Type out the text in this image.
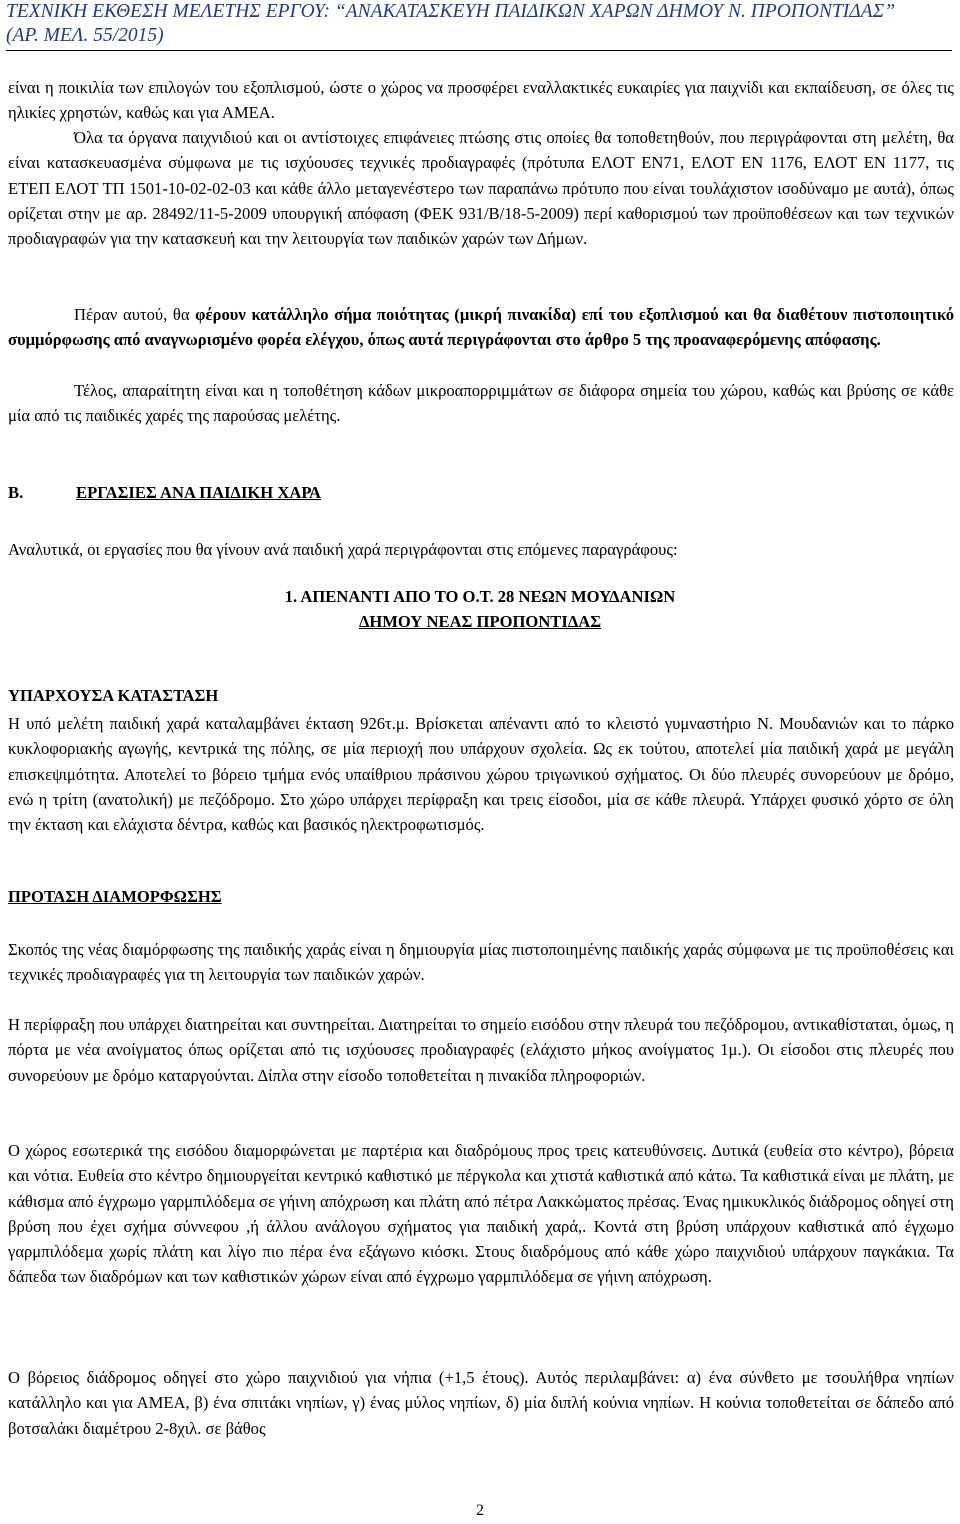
ΤΕΧΝΙΚΗ ΕΚΘΕΣΗ ΜΕΛΕΤΗΣ ΕΡΓΟΥ: “ΑΝΑΚΑΤΑΣΚΕΥΗ ΠΑΙΔΙΚΩΝ ΧΑΡΩΝ ΔΗΜΟΥ Ν. ΠΡΟΠΟΝΤΙΔΑΣ”
(ΑΡ. ΜΕΛ. 55/2015)
είναι η ποικιλία των επιλογών του εξοπλισμού, ώστε ο χώρος να προσφέρει εναλλακτικές ευκαιρίες για παιχνίδι και εκπαίδευση, σε όλες τις ηλικίες χρηστών, καθώς και για ΑΜΕΑ.
Όλα τα όργανα παιχνιδιού και οι αντίστοιχες επιφάνειες πτώσης στις οποίες θα τοποθετηθούν, που περιγράφονται στη μελέτη, θα είναι κατασκευασμένα σύμφωνα με τις ισχύουσες τεχνικές προδιαγραφές (πρότυπα ΕΛΟΤ ΕΝ71, ΕΛΟΤ ΕΝ 1176, ΕΛΟΤ ΕΝ 1177, τις ΕΤΕΠ ΕΛΟΤ ΤΠ 1501-10-02-02-03 και κάθε άλλο μεταγενέστερο των παραπάνω πρότυπο που είναι τουλάχιστον ισοδύναμο με αυτά), όπως ορίζεται στην με αρ. 28492/11-5-2009 υπουργική απόφαση (ΦΕΚ 931/Β/18-5-2009) περί καθορισμού των προϋποθέσεων και των τεχνικών προδιαγραφών για την κατασκευή και την λειτουργία των παιδικών χαρών των Δήμων.
Πέραν αυτού, θα φέρουν κατάλληλο σήμα ποιότητας (μικρή πινακίδα) επί του εξοπλισμού και θα διαθέτουν πιστοποιητικό συμμόρφωσης από αναγνωρισμένο φορέα ελέγχου, όπως αυτά περιγράφονται στο άρθρο 5 της προαναφερόμενης απόφασης.
Τέλος, απαραίτητη είναι και η τοποθέτηση κάδων μικροαπορριμμάτων σε διάφορα σημεία του χώρου, καθώς και βρύσης σε κάθε μία από τις παιδικές χαρές της παρούσας μελέτης.
Β.	ΕΡΓΑΣΙΕΣ ΑΝΑ ΠΑΙΔΙΚΗ ΧΑΡΑ
Αναλυτικά, οι εργασίες που θα γίνουν ανά παιδική χαρά περιγράφονται στις επόμενες παραγράφους:
1. ΑΠΕΝΑΝΤΙ ΑΠΟ ΤΟ Ο.Τ. 28 ΝΕΩΝ ΜΟΥΔΑΝΙΩΝ
ΔΗΜΟΥ ΝΕΑΣ ΠΡΟΠΟΝΤΙΔΑΣ
ΥΠΑΡΧΟΥΣΑ ΚΑΤΑΣΤΑΣΗ
Η υπό μελέτη παιδική χαρά καταλαμβάνει έκταση 926τ.μ. Βρίσκεται απέναντι από το κλειστό γυμναστήριο Ν. Μουδανιών και το πάρκο κυκλοφοριακής αγωγής, κεντρικά της πόλης, σε μία περιοχή που υπάρχουν σχολεία. Ως εκ τούτου, αποτελεί μία παιδική χαρά με μεγάλη επισκεψιμότητα. Αποτελεί το βόρειο τμήμα ενός υπαίθριου πράσινου χώρου τριγωνικού σχήματος. Οι δύο πλευρές συνορεύουν με δρόμο, ενώ η τρίτη (ανατολική) με πεζόδρομο. Στο χώρο υπάρχει περίφραξη και τρεις είσοδοι, μία σε κάθε πλευρά. Υπάρχει φυσικό χόρτο σε όλη την έκταση και ελάχιστα δέντρα, καθώς και βασικός ηλεκτροφωτισμός.
ΠΡΟΤΑΣΗ ΔΙΑΜΟΡΦΩΣΗΣ
Σκοπός της νέας διαμόρφωσης της παιδικής χαράς είναι η δημιουργία μίας πιστοποιημένης παιδικής χαράς σύμφωνα με τις προϋποθέσεις και τεχνικές προδιαγραφές για τη λειτουργία των παιδικών χαρών.
Η περίφραξη που υπάρχει διατηρείται και συντηρείται. Διατηρείται το σημείο εισόδου στην πλευρά του πεζόδρομου, αντικαθίσταται, όμως, η πόρτα με νέα ανοίγματος όπως ορίζεται από τις ισχύουσες προδιαγραφές (ελάχιστο μήκος ανοίγματος 1μ.). Οι είσοδοι στις πλευρές που συνορεύουν με δρόμο καταργούνται. Δίπλα στην είσοδο τοποθετείται η πινακίδα πληροφοριών.
Ο χώρος εσωτερικά της εισόδου διαμορφώνεται με παρτέρια και διαδρόμους προς τρεις κατευθύνσεις. Δυτικά (ευθεία στο κέντρο), βόρεια και νότια. Ευθεία στο κέντρο δημιουργείται κεντρικό καθιστικό με πέργκολα και χτιστά καθιστικά από κάτω. Τα καθιστικά είναι με πλάτη, με κάθισμα από έγχρωμο γαρμπιλόδεμα σε γήινη απόχρωση και πλάτη από πέτρα Λακκώματος πρέσας. Ένας ημικυκλικός διάδρομος οδηγεί στη βρύση που έχει σχήμα σύννεφου ,ή άλλου ανάλογου σχήματος για παιδική χαρά,. Κοντά στη βρύση υπάρχουν καθιστικά από έγχωμο γαρμπιλόδεμα χωρίς πλάτη και λίγο πιο πέρα ένα εξάγωνο κιόσκι. Στους διαδρόμους από κάθε χώρο παιχνιδιού υπάρχουν παγκάκια. Τα δάπεδα των διαδρόμων και των καθιστικών χώρων είναι από έγχρωμο γαρμπιλόδεμα σε γήινη απόχρωση.
Ο βόρειος διάδρομος οδηγεί στο χώρο παιχνιδιού για νήπια (+1,5 έτους). Αυτός περιλαμβάνει: α) ένα σύνθετο με τσουλήθρα νηπίων κατάλληλο και για ΑΜΕΑ, β) ένα σπιτάκι νηπίων, γ) ένας μύλος νηπίων, δ) μία διπλή κούνια νηπίων. Η κούνια τοποθετείται σε δάπεδο από βοτσαλάκι διαμέτρου 2-8χιλ. σε βάθος
2
